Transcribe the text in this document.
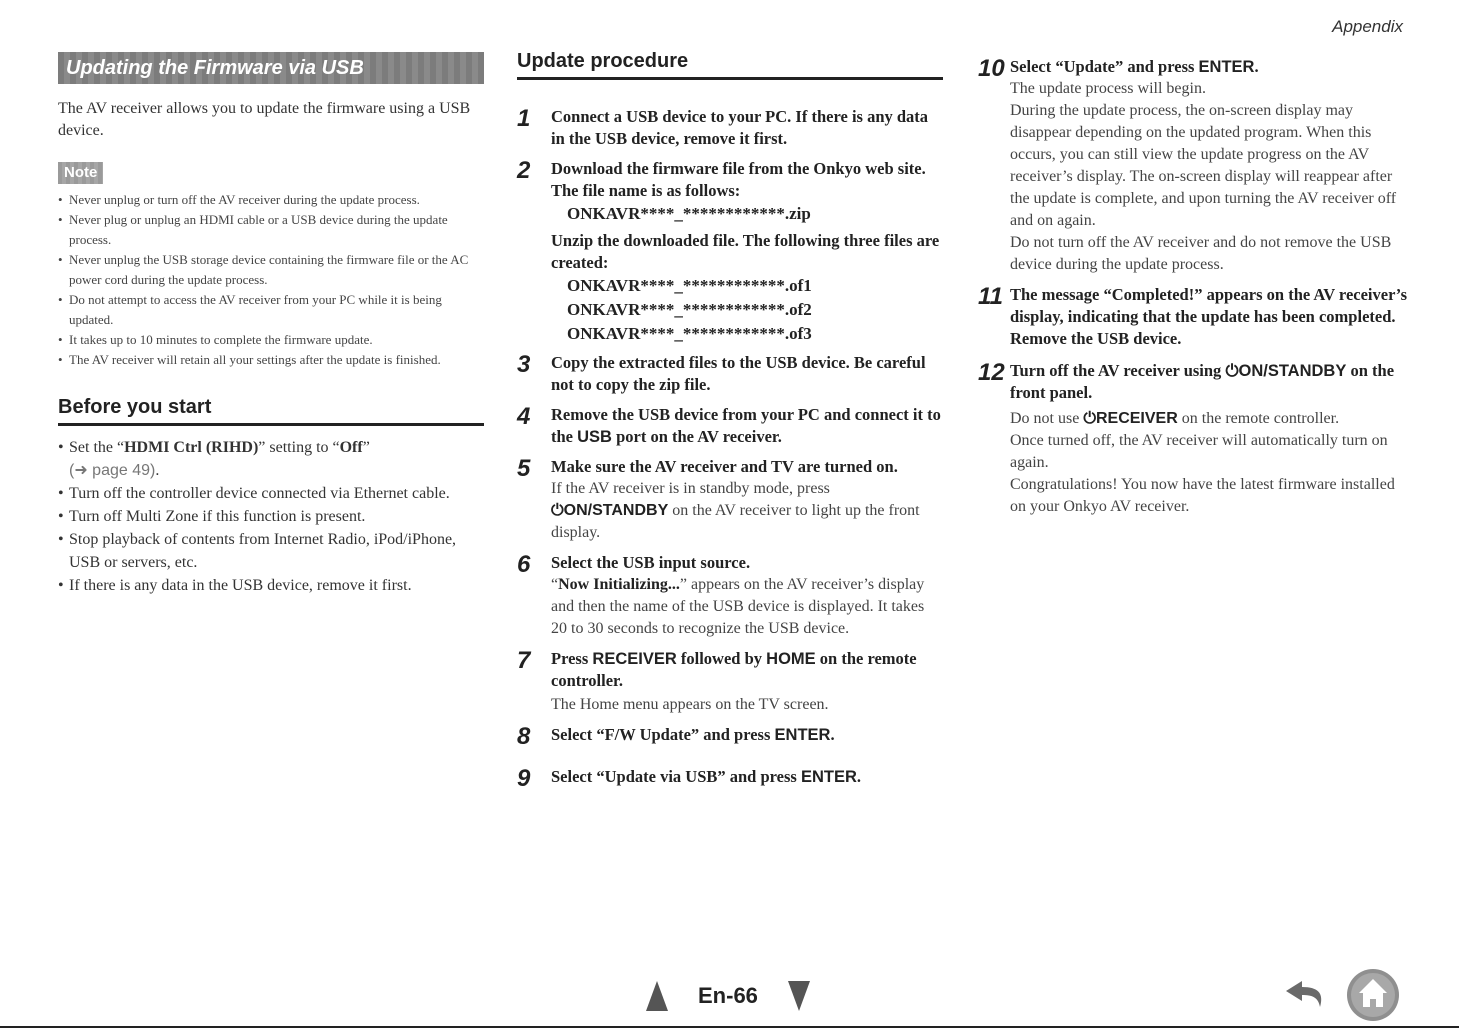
Appendix
Updating the Firmware via USB
The AV receiver allows you to update the firmware using a USB device.
Note
• Never unplug or turn off the AV receiver during the update process.
• Never plug or unplug an HDMI cable or a USB device during the update process.
• Never unplug the USB storage device containing the firmware file or the AC power cord during the update process.
• Do not attempt to access the AV receiver from your PC while it is being updated.
• It takes up to 10 minutes to complete the firmware update.
• The AV receiver will retain all your settings after the update is finished.
Before you start
• Set the “HDMI Ctrl (RIHD)” setting to “Off”
(➜ page 49).
• Turn off the controller device connected via Ethernet cable.
• Turn off Multi Zone if this function is present.
• Stop playback of contents from Internet Radio, iPod/iPhone, USB or servers, etc.
• If there is any data in the USB device, remove it first.
Update procedure
1 Connect a USB device to your PC. If there is any data in the USB device, remove it first.
2 Download the firmware file from the Onkyo web site. The file name is as follows:
ONKAVR****_************.zip
Unzip the downloaded file. The following three files are created:
ONKAVR****_************.of1
ONKAVR****_************.of2
ONKAVR****_************.of3
3 Copy the extracted files to the USB device. Be careful not to copy the zip file.
4 Remove the USB device from your PC and connect it to the USB port on the AV receiver.
5 Make sure the AV receiver and TV are turned on.
If the AV receiver is in standby mode, press
⏻ON/STANDBY on the AV receiver to light up the front display.
6 Select the USB input source.
“Now Initializing...” appears on the AV receiver’s display and then the name of the USB device is displayed. It takes 20 to 30 seconds to recognize the USB device.
7 Press RECEIVER followed by HOME on the remote controller.
The Home menu appears on the TV screen.
8 Select “F/W Update” and press ENTER.
9 Select “Update via USB” and press ENTER.
10 Select “Update” and press ENTER.
The update process will begin.
During the update process, the on-screen display may disappear depending on the updated program. When this occurs, you can still view the update progress on the AV receiver’s display. The on-screen display will reappear after the update is complete, and upon turning the AV receiver off and on again.
Do not turn off the AV receiver and do not remove the USB device during the update process.
11 The message “Completed!” appears on the AV receiver’s display, indicating that the update has been completed.
Remove the USB device.
12 Turn off the AV receiver using ⏻ON/STANDBY on the front panel.
Do not use ⏻RECEIVER on the remote controller.
Once turned off, the AV receiver will automatically turn on again.
Congratulations! You now have the latest firmware installed on your Onkyo AV receiver.
En-66
